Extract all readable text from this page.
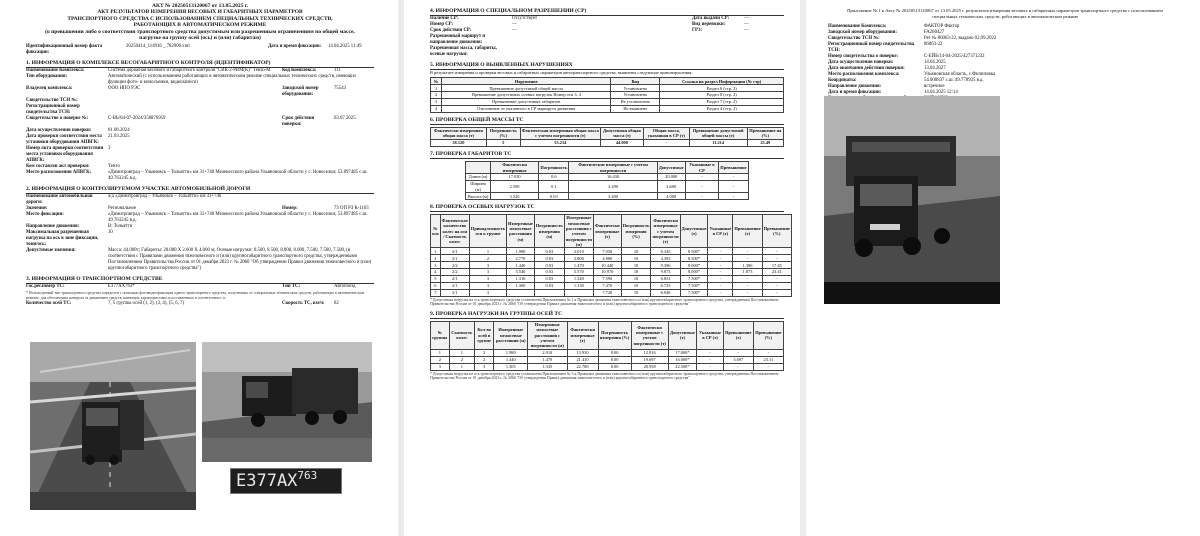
АКТ № 20250513120067 от 13.05.2025 г.
АКТ РЕЗУЛЬТАТОВ ИЗМЕРЕНИЯ ВЕСОВЫХ И ГАБАРИТНЫХ ПАРАМЕТРОВ
ТРАНСПОРТНОГО СРЕДСТВА С ИСПОЛЬЗОВАНИЕМ СПЕЦИАЛЬНЫХ ТЕХНИЧЕСКИХ СРЕДСТВ,
РАБОТАЮЩИХ В АВТОМАТИЧЕСКОМ РЕЖИМЕ
(о превышении либо о соответствии транспортного средства допустимым или разрешенным ограничениям по общей массе,
нагрузке на группу осей (ось) и (или) габаритам)
Идентификационный номер факта фиксации:
20250414_114916 _ 782906.xml	Дата и время фиксации:	14.04.2025 11:49
1. ИНФОРМАЦИЯ О КОМПЛЕКСЕ ВЕСОГАБАРИТНОГО КОНТРОЛЯ (ИДЕНТИФИКАТОР)
Наименование Комплекса:	Система дорожная весового и габаритного контроля "СВК-2-РВМ(К)" Тензо-М	Код Комплекса:	111
Тип оборудования:	Автоматический (с использованием работающих в автоматическом режиме специальных технических средств, имеющих функции фото- и киносъемки, видеозаписи)
Владелец комплекса:	ООО НПО РЭС	Заводской номер оборудования:
75543
Свидетельство ТСН №:
Регистрационный номер свидетельства ТСН:
Свидетельство о поверке №:	С-ВЬ/04-07-2024/358876959	Срок действия поверки:
03.07.2025
Дата осуществления поверки:	01.06.2024
Дата проверки соответствия места установки оборудования АПВГК:
21.03.2025
Номер акта проверки соответствия места установки оборудования АПВГК:
3
Кем составлен акт проверки:	Тенто
Место расположения АПВГК:	«Димитровград – Ульяновск – Тольятти» км 31+740 Мелекесского района Ульяновской области у с. Новоселки; 53.897485 с.ш. 49.763245 в.д.
2. ИНФОРМАЦИЯ О КОНТРОЛИРУЕМОМ УЧАСТКЕ АВТОМОБИЛЬНОЙ ДОРОГИ
Наименование автомобильной дороги:
а/д «Димитровград – Ульяновск – Тольятти» км 31+740
Значение:	Региональное	Номер:	73 ОП РЗ К-1103
Место фиксации:	«Димитровград – Ульяновск – Тольятти» км 31+740 Мелекесского района Ульяновской области у с. Новоселки; 53.897485 с.ш. 49.763245 в.д.
Направление движения:	В: Тольятти
Максимальная разрешенная нагрузка на ось в зоне фиксации, тонн/ось:
10
Допустимые значения:	Масса: 44.000т; Габариты: 20.000 Х 2.600 Х 4.000 м; Осевые нагрузки: 8.500, 8.500, 8.000, 8.000, 7.500, 7.500, 7.500, (в соответствии с Правилами движения тяжеловесного и (или) крупногабаритного транспортного средства, утвержденными Постановлением Правительства России от 01 декабря 2023 г. № 2060 "Об утверждении Правил движения тяжеловесного и (или) крупногабаритного транспортного средства")
3. ИНФОРМАЦИЯ О ТРАНСПОРТНОМ СРЕДСТВЕ
Гос.рег.номер ТС:	Е377АХ763*	Тип ТС:	Автопоезд
* Используемый тип транспортного средства определен с помощью фотовидеофиксации одного транспортного средства, полученных от специальных технических средств, работающих в автоматическом режиме, для обеспечения контроля за движением средств, имеющих характеристики и составленных в соответствии с п.
Количество осей ТС:	7, 5 группы осей (1, 2), (3, 4), (5, 6, 7)	Скорость ТС, км/ч:	82
Е377АХ$^{763}$
4. ИНФОРМАЦИЯ О СПЕЦИАЛЬНОМ РАЗРЕШЕНИИ (СР)
Наличие СР:	Отсутствует	Дата выдачи СР:	—
Номер СР:	—	Вид перевозки:	—
Срок действия СР:	—	ГРЗ:	—
Разрешенный маршрут и направление движения:
Разрешенная масса, габариты, осевые нагрузки:
5. ИНФОРМАЦИЯ О ВЫЯВЛЕННЫХ НАРУШЕНИЯХ
В результате измерения и проверки весовых и габаритных параметров автотранспортного средства, выявлены следующие правонарушения:
№	Нарушение	Вид	Ссылка на раздел Информации (№ стр)
1	Превышение допустимой общей массы	Установлено	Раздел 6 (стр. 2)
2	Превышение допустимых осевых нагрузок Номер оси 3, 4	Установлено	Раздел 8 (стр. 2)
3	Превышение допустимых габаритов	Не установлено	Раздел 7 (стр. 2)
4	Отклонение от указанного в СР маршрута движения	Не выявлено	Раздел 4 (стр. 2)
6. ПРОВЕРКА ОБЩЕЙ МАССЫ ТС
Фактически измеренная общая масса (т)	Погрешность (%)	Фактическая измеренная общая масса с учетом погрешности (т)	Допустимая общая масса (т)	Общая масса, указанная в СР (т)	Превышение допустимой общей массы (т)	Превышение на (%)
58.120	5	55.214	44.000	-	11.214	25.49
7. ПРОВЕРКА ГАБАРИТОВ ТС
	Фактически измеренные	Погрешность	Фактические измеренные с учетом погрешности	Допустимые	Указанные в СР	Превышение
Длина (м)	17.030	0.6	16.430	20.000	-	-
Ширина (м)	2.590	0.1	2.490	2.600	-	-
Высота (м)	3.520	0.03	3.490	4.000	-	-
8. ПРОВЕРКА ОСЕВЫХ НАГРУЗОК ТС
№ оси	Фактическое количество колес на оси / Скатность колес	Принадлежность оси к группе	Измеренные межосевые расстояния (м)	Погрешность измерения (м)	Измеренные межосевые расстояния с учетом погрешности (м)	Фактически измеренные (т)	Погрешность измерения (%)	Фактически измеренные с учетом погрешности (т)	Допустимые (т)	Указанные в СР (т)	Превышение (т)	Превышение (%)
1	2/1	1	1.980	0.03	2.010	7.050	10	6.345	8.500*	-	-	-
2	2/1	2	2.770	0.03	2.800	4.880	10	4.392	8.500*	-	-	-
3	2/2	3	1.440	0.03	1.470	10.440	10	9.396	8.000*	-	1.396	17.45
4	2/2	3	5.540	0.03	5.570	10.970	10	9.873	8.000*	-	1.873	23.41
5	2/1	3	1.310	0.03	1.340	7.590	10	6.831	7.500*	-	-	-
6	2/1	3	1.300	0.03	1.330	7.470	10	6.723	7.500*	-	-	-
7	2/1	3				7.720	10	6.948	7.500*	-	-	-
* Допустимая нагрузка на ось транспортного средства установлена Приложением № 2 к Правилам движения тяжеловесного и (или) крупногабаритного транспортного средства, утвержденным Постановлением Правительства России от 01 декабря 2023 г. № 2060 "Об утверждении Правил движения тяжеловесного и (или) крупногабаритного транспортного средства"
9. ПРОВЕРКА НАГРУЗКИ НА ГРУППЫ ОСЕЙ ТС
№ группы	Скатность колес	Кол-во осей в группе	Измеренные межосевые расстояния (м)	Измеренные межосевые расстояния с учетом погрешности (м)	Фактически измеренные (т)	Погрешность измерения (%)	Фактически измеренные с учетом погрешности (т)	Допустимые (т)	Указанные в СР (т)	Превышение (т)	Превышение (%)
1	1	2	1.980	2.010	13.930	8.00	12.816	17.000*	-	-	-
2	2	2	1.440	1.470	21.410	8.00	19.697	16.000*	-	3.697	23.11
3	1	3	1.305	1.335	22.780	8.00	20.958	22.500*	-	-	-
* Допустимая нагрузка на ось транспортного средства установлена Приложением № 3 к Правилам движения тяжеловесного и (или) крупногабаритного транспортного средства, утвержденным Постановлением Правительства России от 01 декабря 2023 г. № 2060 "Об утверждении Правил движения тяжеловесного и (или) крупногабаритного транспортного средства"
Приложение № 1 к Акту № 20250513120067 от 13.05.2025 г. результатов измерения весовых и габаритных параметров транспортного средства с использованием специальных технических средств, работающих в автоматическом режиме
Наименование Комплекса:	ФАКТОР Фактор
Заводской номер оборудования:	FA260427
Свидетельство ТСН №:	Рег № 86063-22, выдано 02.09.2022
Регистрационный номер свидетельства ТСН:
86063-22
Номер свидетельства о поверке:	С-ЕЙБ/14-04-2025/427371232
Дата осуществления поверки:	14.04.2025
Дата окончания действия поверки:	13.04.2027
Место расположения комплекса:	Ульяновская область, с.Филиповка
Координаты:	54.000837 с.ш. 49.778925 в.д.
Направление движения:	встречное
Дата и время фиксации:	14.04.2025 12:14
